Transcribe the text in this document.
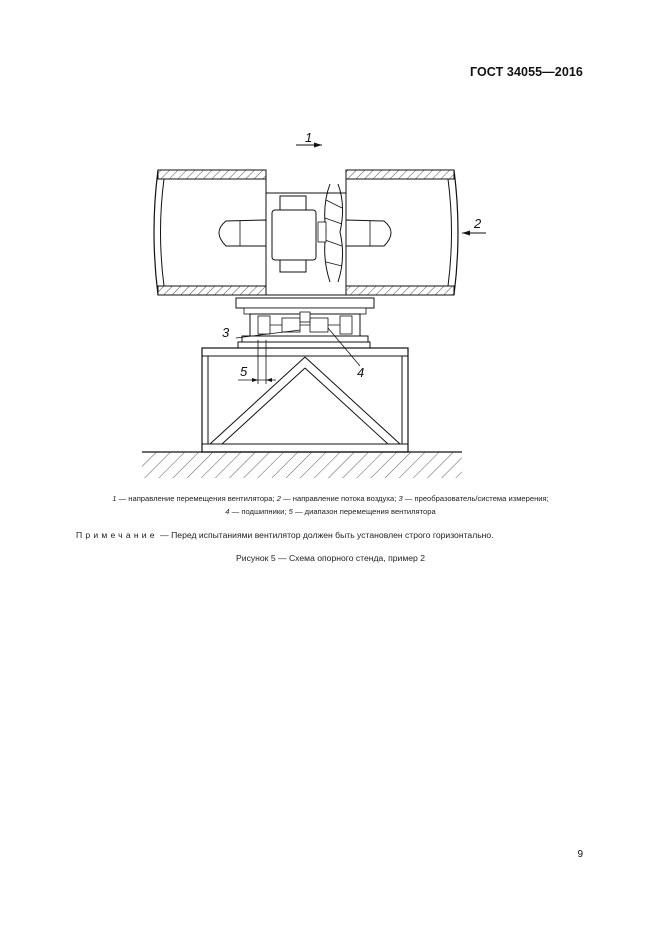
ГОСТ 34055—2016
1
2
3
4
5
1 — направление перемещения вентилятора; 2 — направление потока воздуха; 3 — преобразователь/система измерения;
4 — подшипники; 5 — диапазон перемещения вентилятора
Примечание — Перед испытаниями вентилятор должен быть установлен строго горизонтально.
Рисунок 5 — Схема опорного стенда, пример 2
9
